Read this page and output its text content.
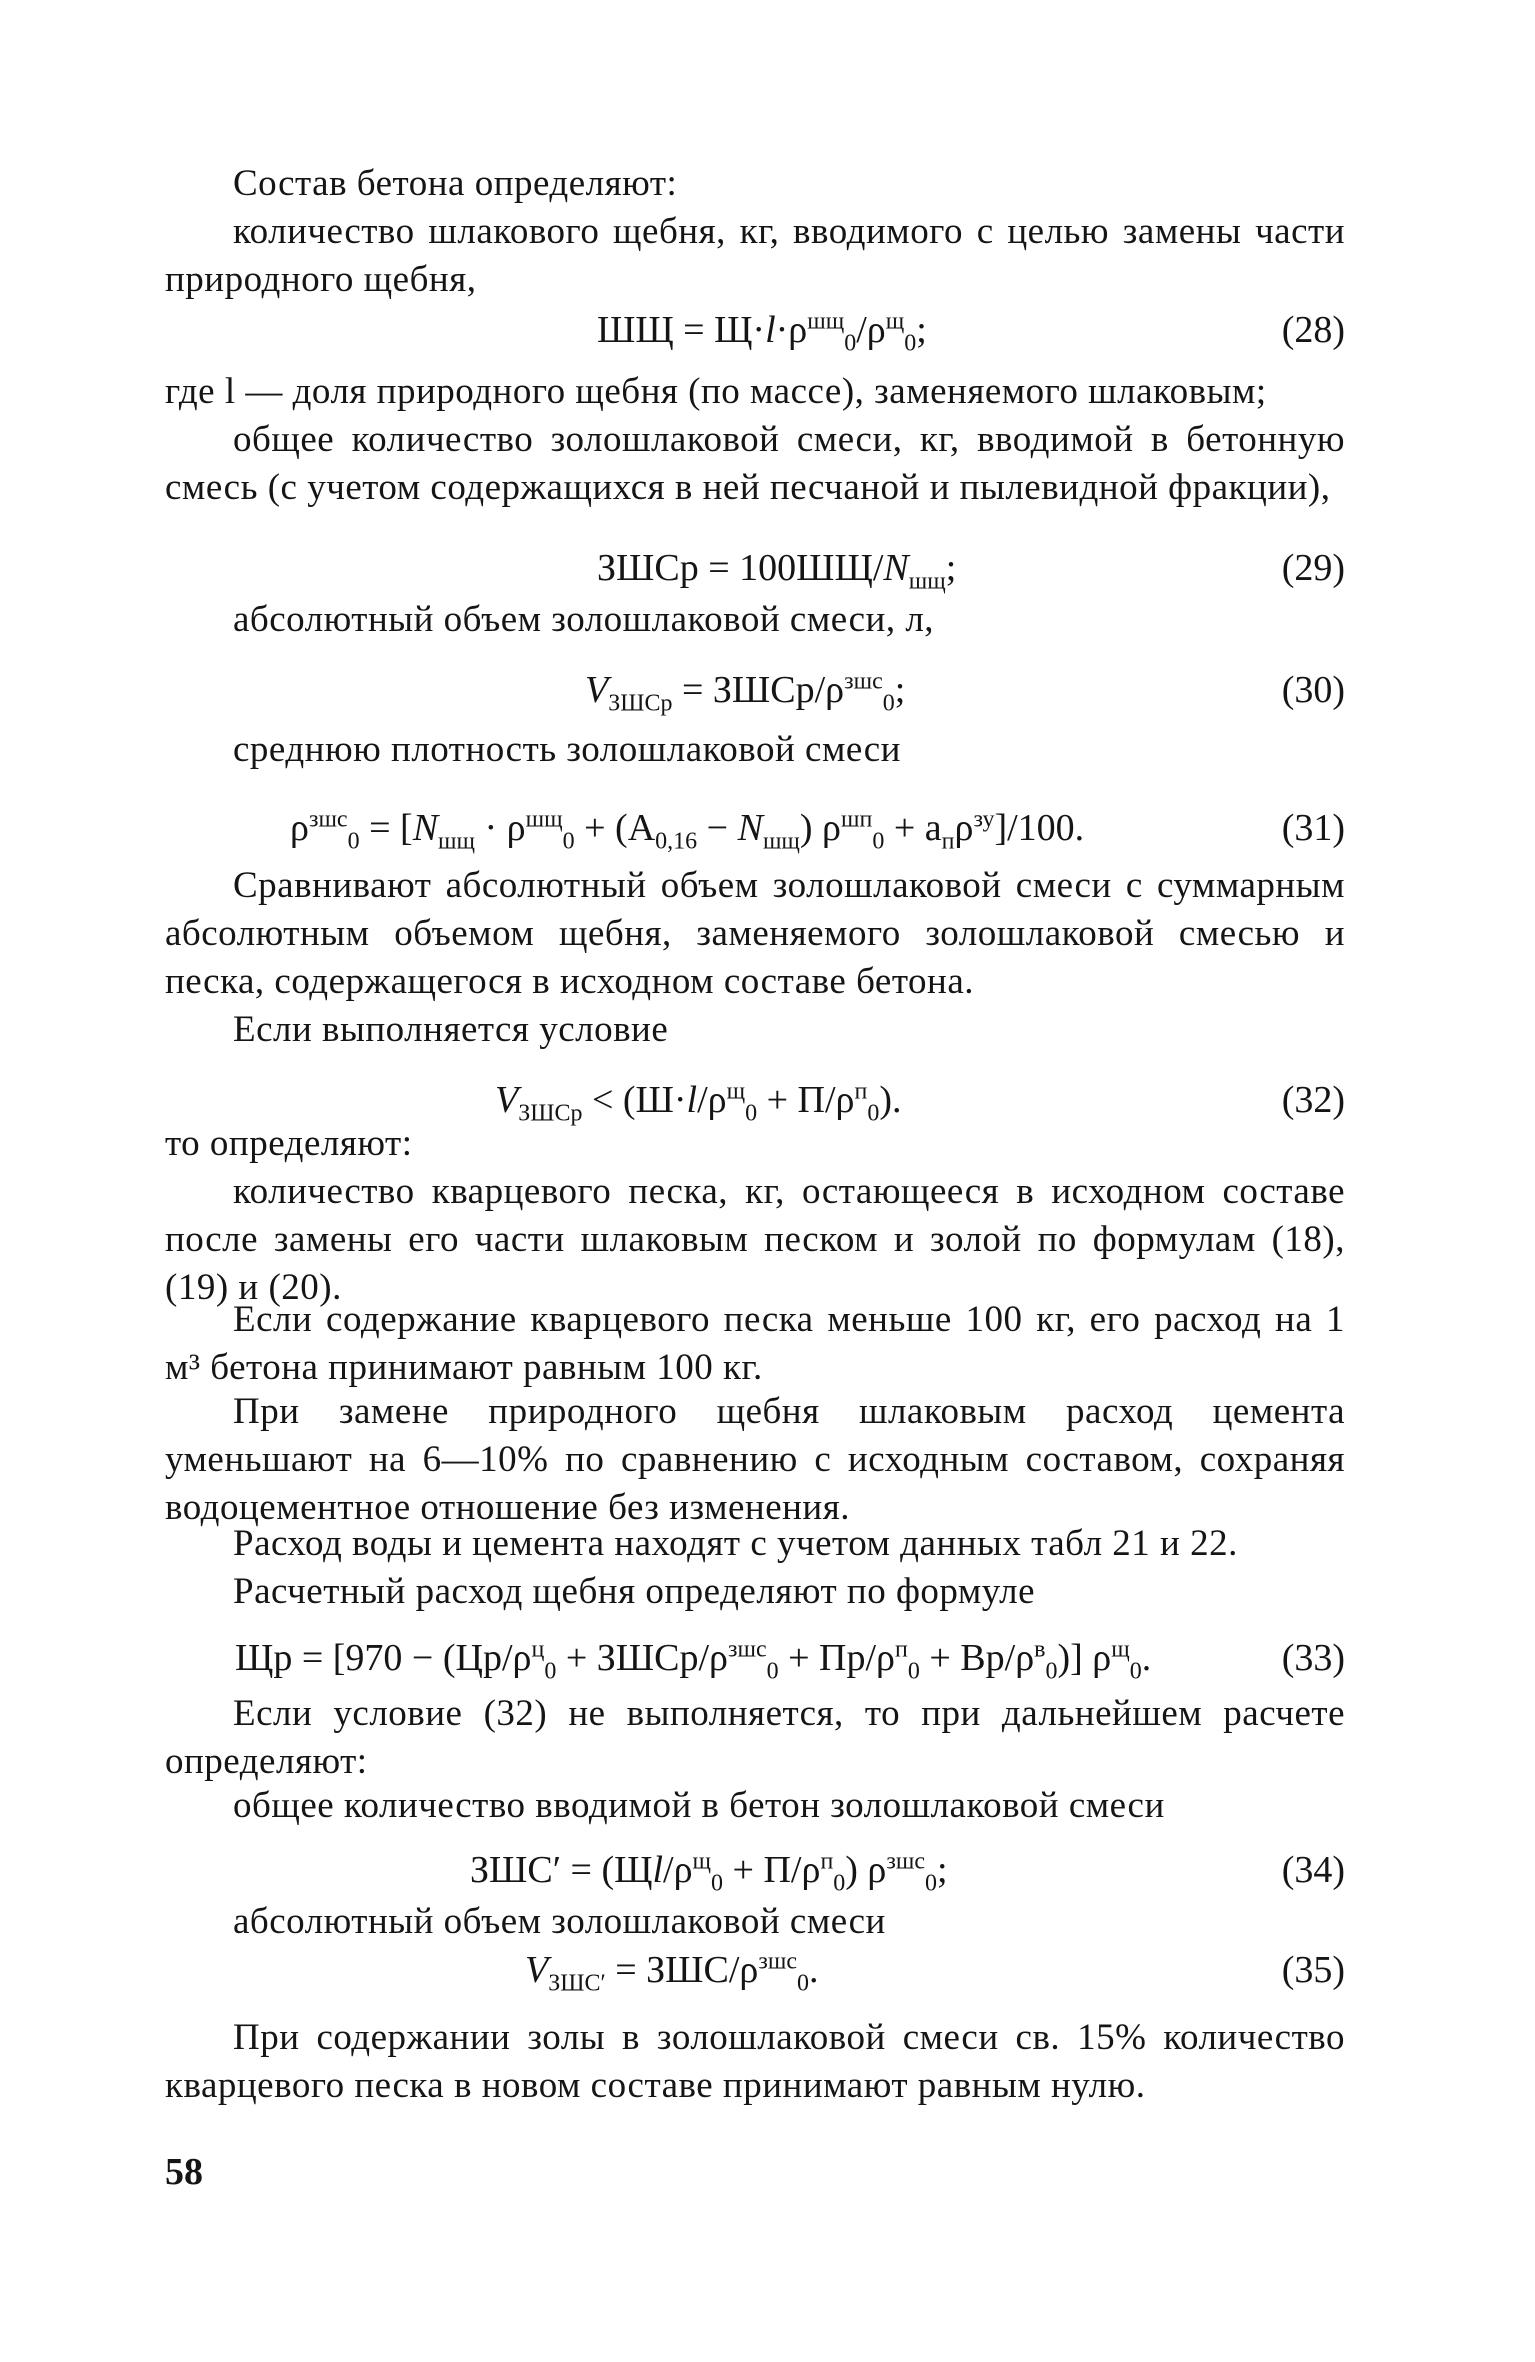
Состав бетона определяют:

количество шлакового щебня, кг, вводимого с целью замены части природного щебня,

ШЩ = $Щ\cdot l\cdot\rho^{шщ}_0/\rho^щ_0$;	(28)

где l — доля природного щебня (по массе), заменяемого шлаковым;

общее количество золошлаковой смеси, кг, вводимой в бетонную смесь (с учетом содержащихся в ней песчаной и пылевидной фракции),

ЗШСр = $100ШЩ/N_{шщ}$;	(29)

абсолютный объем золошлаковой смеси, л,

$V_{ЗШСр}$ = ЗШСр/$\rho^{зшс}_0$;	(30)

среднюю плотность золошлаковой смеси

$\rho^{зшс}_0 = [N_{шщ} \cdot \rho^{шщ}_0 + (A_{0,16} - N_{шщ}) \rho^{шп}_0 + a_п\rho^{зу}]/100$.	(31)

Сравнивают абсолютный объем золошлаковой смеси с суммарным абсолютным объемом щебня, заменяемого золошлаковой смесью и песка, содержащегося в исходном составе бетона.

Если выполняется условие

$V_{ЗШСр} < (Ш\cdot l/\rho^щ_0 + П/\rho^п_0)$.	(32)

то определяют:

количество кварцевого песка, кг, остающееся в исходном составе после замены его части шлаковым песком и золой по формулам (18), (19) и (20).

Если содержание кварцевого песка меньше 100 кг, его расход на 1 м³ бетона принимают равным 100 кг.

При замене природного щебня шлаковым расход цемента уменьшают на 6—10% по сравнению с исходным составом, сохраняя водоцементное отношение без изменения.

Расход воды и цемента находят с учетом данных табл 21 и 22.

Расчетный расход щебня определяют по формуле

Щр = [$970 - (Цр/\rho^ц_0$ + ЗШСр/$\rho^{зшс}_0 + Пр/\rho^п_0 + Вр/\rho^в_0$)] $\rho^щ_0$.	(33)

Если условие (32) не выполняется, то при дальнейшем расчете определяют:

общее количество вводимой в бетон золошлаковой смеси

$ЗШС' = (Щl/\rho^щ_0 + П/\rho^п_0)$ $\rho^{зшс}_0$;	(34)

абсолютный объем золошлаковой смеси

$V_{ЗШС'} = ЗШС/\rho^{зшс}_0$.	(35)

При содержании золы в золошлаковой смеси св. 15% количество кварцевого песка в новом составе принимают равным нулю.

58
